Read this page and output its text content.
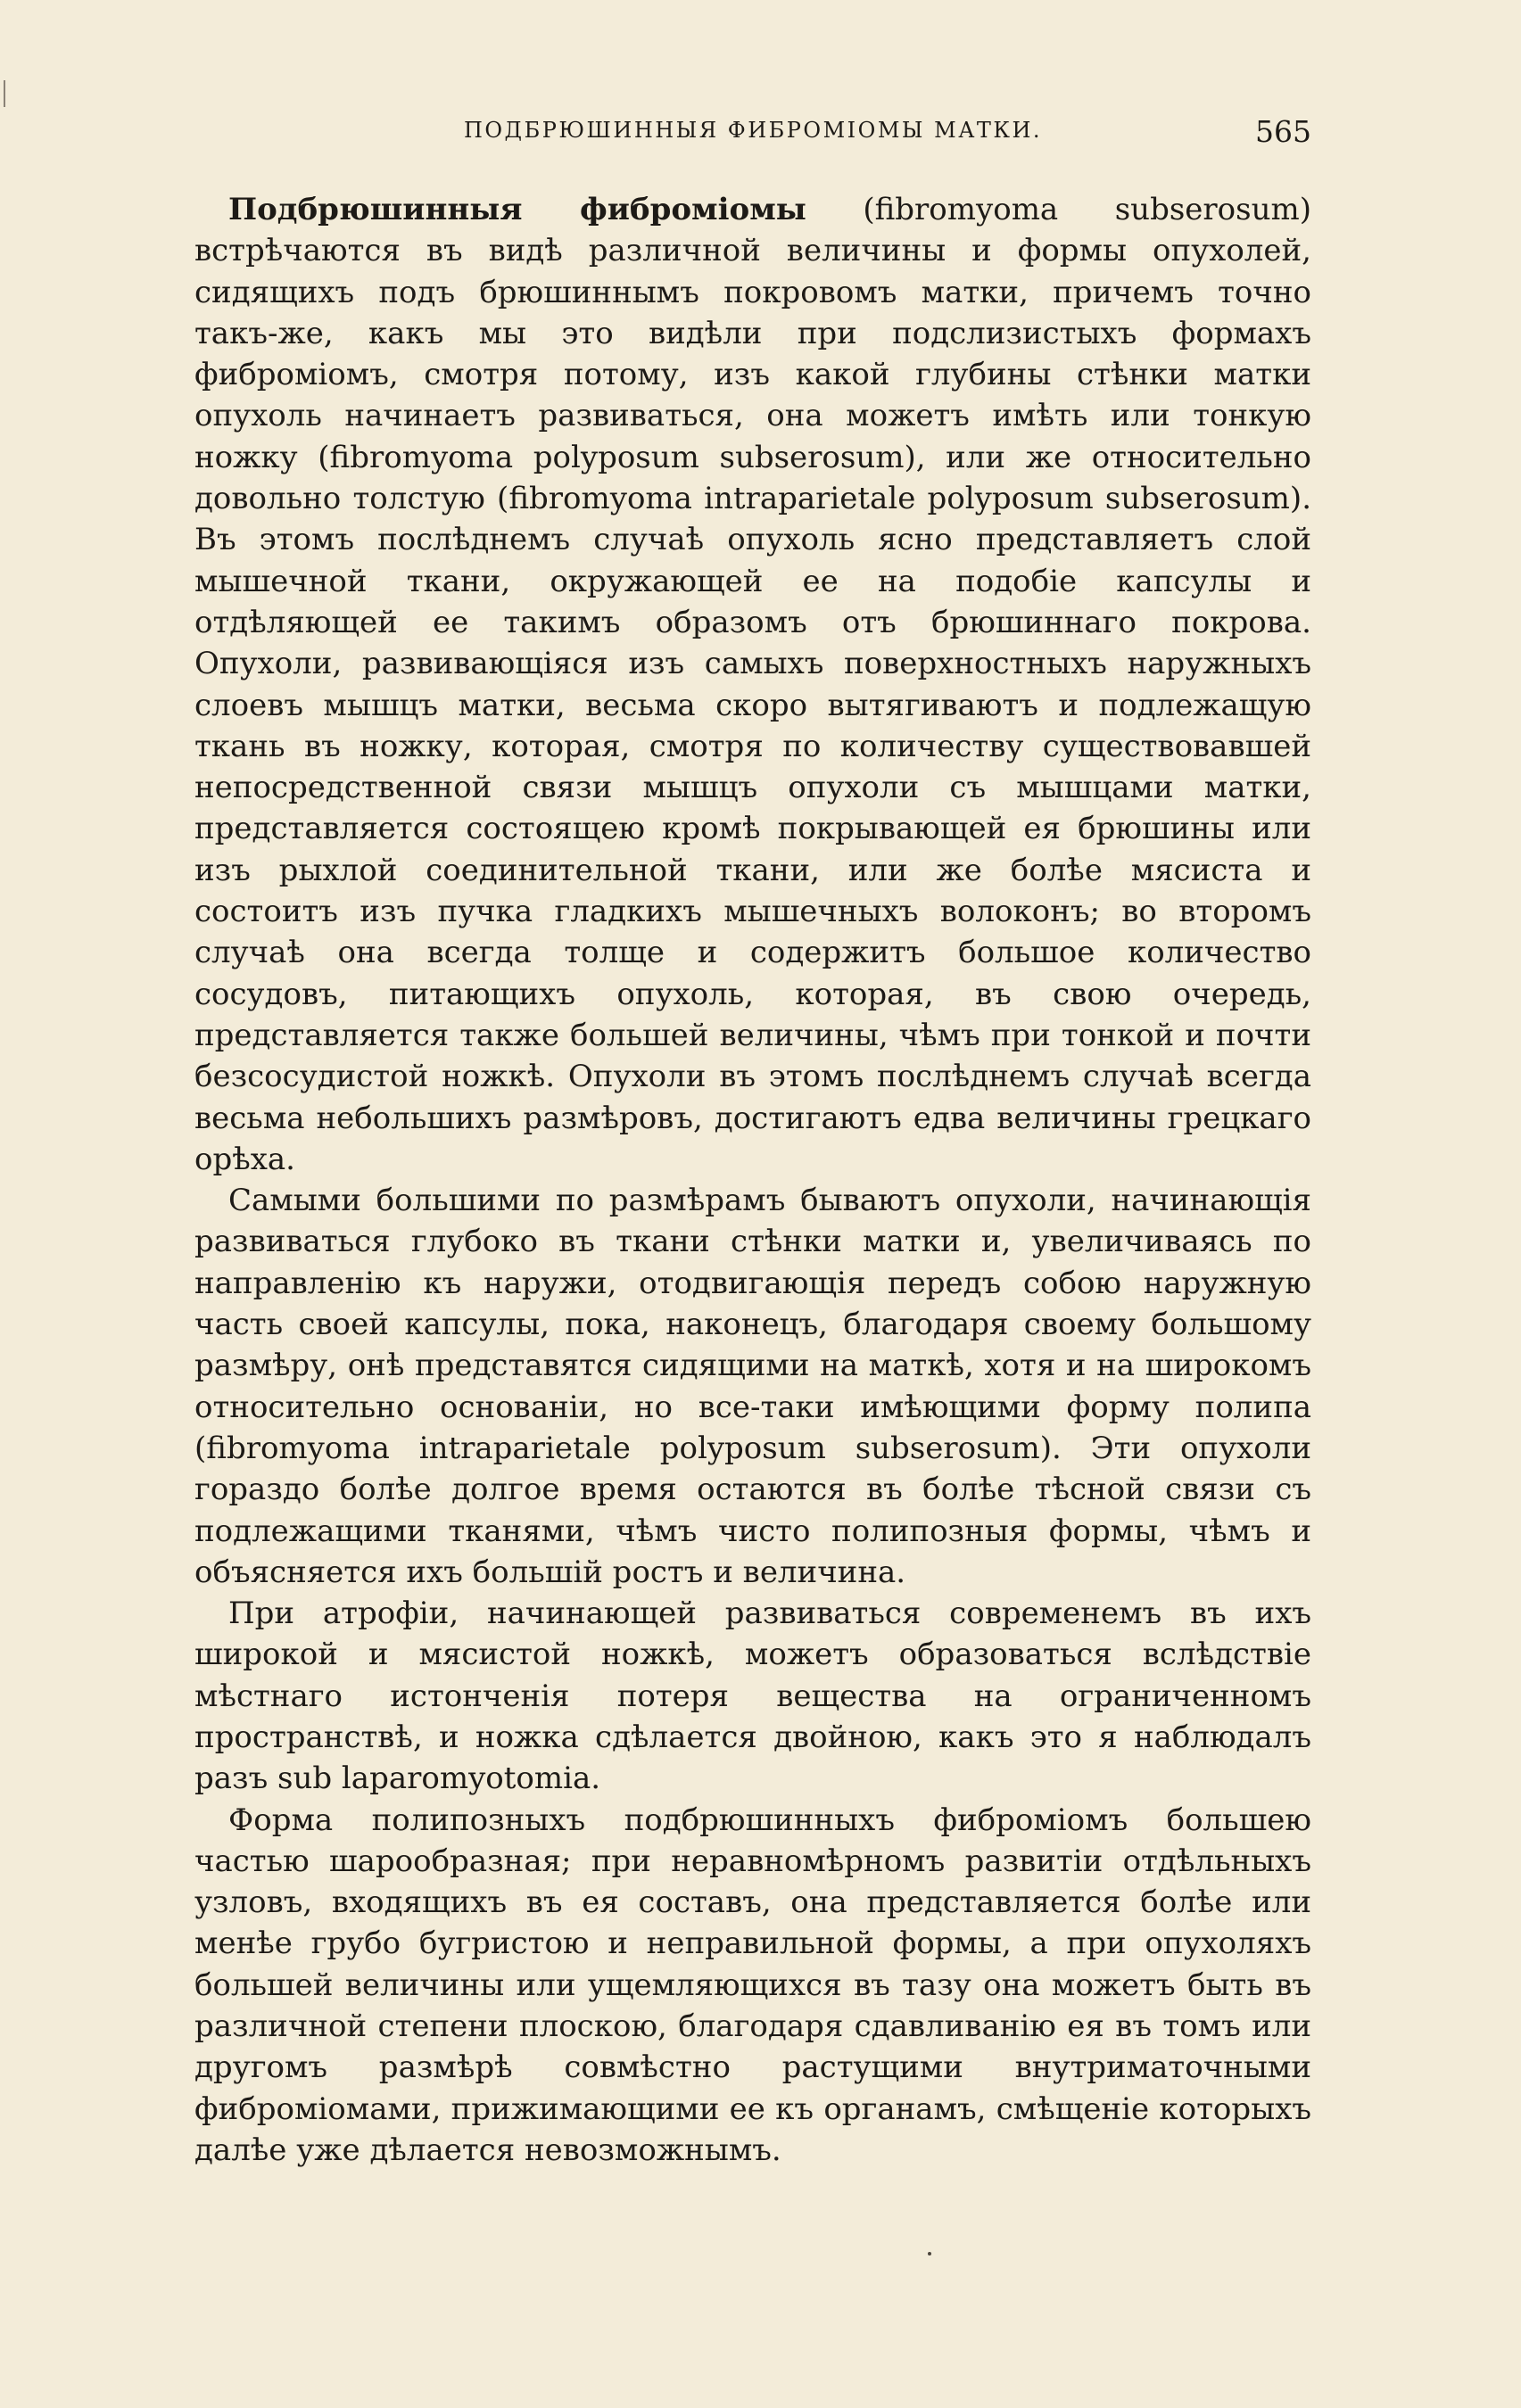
ПОДБРЮШИННЫЯ ФИБРОМІОМЫ МАТКИ.	565

Подбрюшинныя фиброміомы (fibromyoma subserosum) встрѣчаются въ видѣ различной величины и формы опухолей, сидящихъ подъ брюшиннымъ покровомъ матки, причемъ точно такъ-же, какъ мы это видѣли при подслизистыхъ формахъ фиброміомъ, смотря потому, изъ какой глубины стѣнки матки опухоль начинаетъ развиваться, она можетъ имѣть или тонкую ножку (fibromyoma polyposum subserosum), или же относительно довольно толстую (fibromyoma intraparietale polyposum subserosum). Въ этомъ послѣднемъ случаѣ опухоль ясно представляетъ слой мышечной ткани, окружающей ее на подобіе капсулы и отдѣляющей ее такимъ образомъ отъ брюшиннаго покрова. Опухоли, развивающіяся изъ самыхъ поверхностныхъ наружныхъ слоевъ мышцъ матки, весьма скоро вытягиваютъ и подлежащую ткань въ ножку, которая, смотря по количеству существовавшей непосредственной связи мышцъ опухоли съ мышцами матки, представляется состоящею кромѣ покрывающей ея брюшины или изъ рыхлой соединительной ткани, или же болѣе мясиста и состоитъ изъ пучка гладкихъ мышечныхъ волоконъ; во второмъ случаѣ она всегда толще и содержитъ большое количество сосудовъ, питающихъ опухоль, которая, въ свою очередь, представляется также большей величины, чѣмъ при тонкой и почти безсосудистой ножкѣ. Опухоли въ этомъ послѣднемъ случаѣ всегда весьма небольшихъ размѣровъ, достигаютъ едва величины грецкаго орѣха.

Самыми большими по размѣрамъ бываютъ опухоли, начинающія развиваться глубоко въ ткани стѣнки матки и, увеличиваясь по направленію къ наружи, отодвигающія передъ собою наружную часть своей капсулы, пока, наконецъ, благодаря своему большому размѣру, онѣ представятся сидящими на маткѣ, хотя и на широкомъ относительно основаніи, но все-таки имѣющими форму полипа (fibromyoma intraparietale polyposum subserosum). Эти опухоли гораздо болѣе долгое время остаются въ болѣе тѣсной связи съ подлежащими тканями, чѣмъ чисто полипозныя формы, чѣмъ и объясняется ихъ большій ростъ и величина.

При атрофіи, начинающей развиваться современемъ въ ихъ широкой и мясистой ножкѣ, можетъ образоваться вслѣдствіе мѣстнаго истонченія потеря вещества на ограниченномъ пространствѣ, и ножка сдѣлается двойною, какъ это я наблюдалъ разъ sub laparomyotomia.

Форма полипозныхъ подбрюшинныхъ фиброміомъ большею частью шарообразная; при неравномѣрномъ развитіи отдѣльныхъ узловъ, входящихъ въ ея составъ, она представляется болѣе или менѣе грубо бугристою и неправильной формы, а при опухоляхъ большей величины или ущемляющихся въ тазу она можетъ быть въ различной степени плоскою, благодаря сдавливанію ея въ томъ или другомъ размѣрѣ совмѣстно растущими внутриматочными фиброміомами, прижимающими ее къ органамъ, смѣщеніе которыхъ далѣе уже дѣлается невозможнымъ.
